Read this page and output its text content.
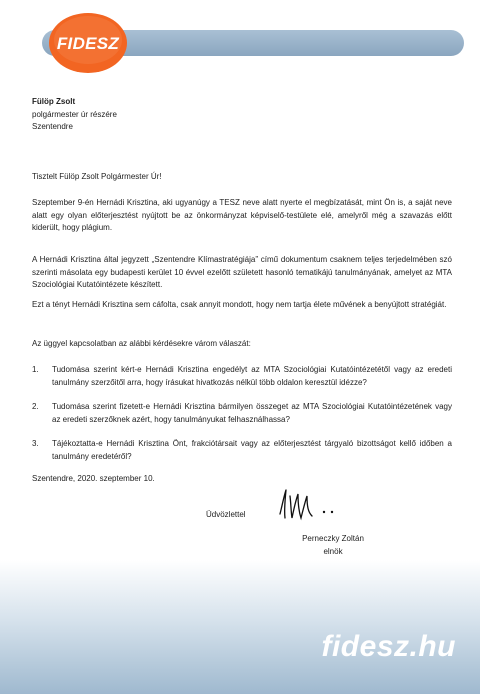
FIDESZ
Fülöp Zsolt
polgármester úr részére
Szentendre
Tisztelt Fülöp Zsolt Polgármester Úr!

Szeptember 9-én Hernádi Krisztina, aki ugyanúgy a TESZ neve alatt nyerte el megbízatását, mint Ön is, a saját neve alatt egy olyan előterjesztést nyújtott be az önkormányzat képviselő-testülete elé, amelyről még a szavazás előtt kiderült, hogy plágium.

A Hernádi Krisztina által jegyzett „Szentendre Klímastratégiája” című dokumentum csaknem teljes terjedelmében szó szerinti másolata egy budapesti kerület 10 évvel ezelőtt született hasonló tematikájú tanulmányának, amelyet az MTA Szociológiai Kutatóintézete készített.

Ezt a tényt Hernádi Krisztina sem cáfolta, csak annyit mondott, hogy nem tartja élete művének a benyújtott stratégiát.

Az üggyel kapcsolatban az alábbi kérdésekre várom válaszát:

1. Tudomása szerint kért-e Hernádi Krisztina engedélyt az MTA Szociológiai Kutatóintézetétől vagy az eredeti tanulmány szerzőitől arra, hogy írásukat hivatkozás nélkül több oldalon keresztül idézze?
2. Tudomása szerint fizetett-e Hernádi Krisztina bármilyen összeget az MTA Szociológiai Kutatóintézetének vagy az eredeti szerzőknek azért, hogy tanulmányukat felhasználhassa?
3. Tájékoztatta-e Hernádi Krisztina Önt, frakciótársait vagy az előterjesztést tárgyaló bizottságot kellő időben a tanulmány eredetéről?
Szentendre, 2020. szeptember 10.
Üdvözlettel
Perneczky Zoltán
elnök
fidesz.hu
